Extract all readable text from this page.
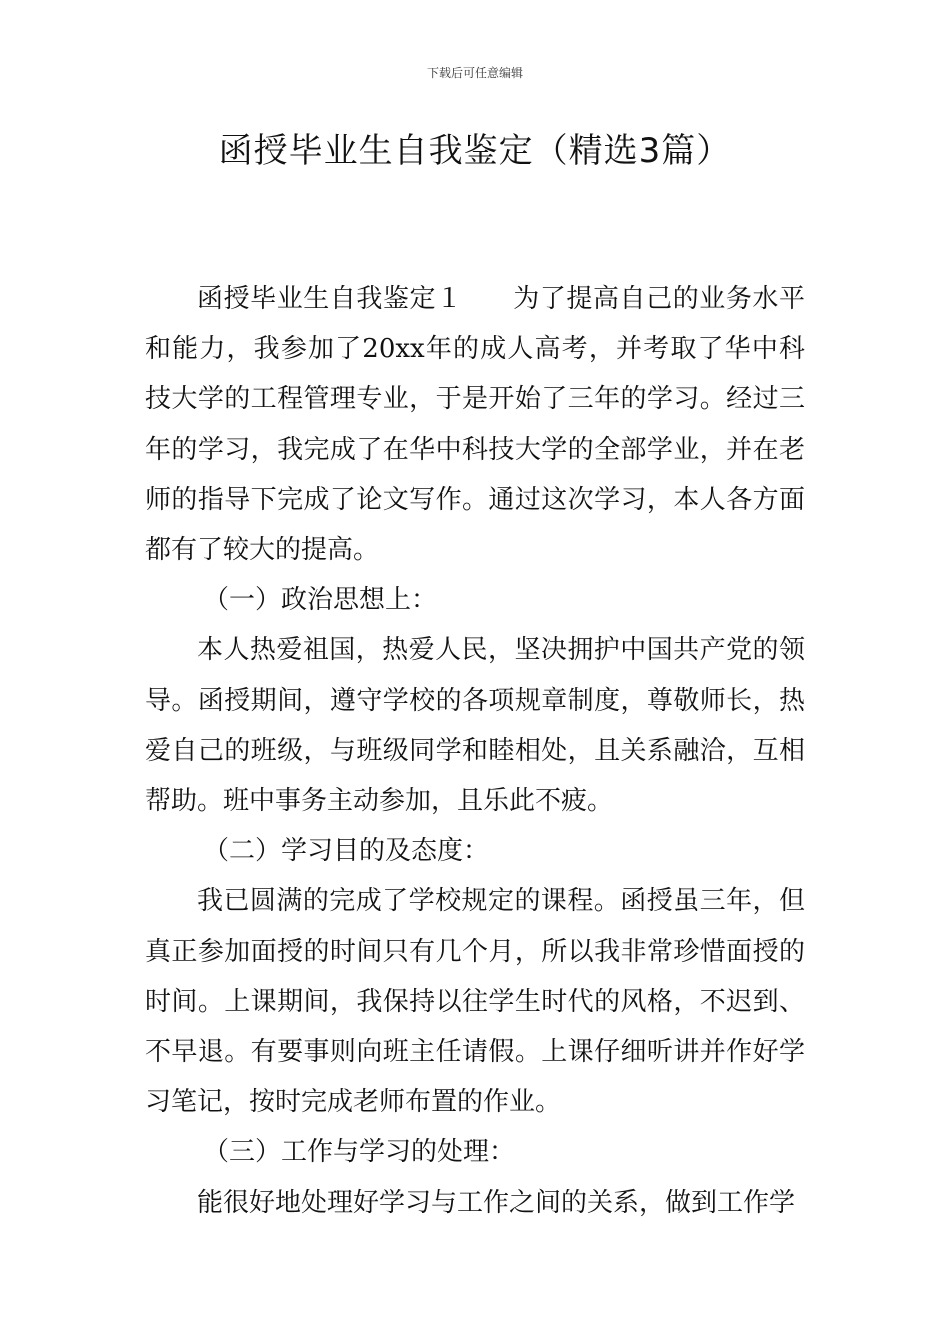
下载后可任意编辑
函授毕业生自我鉴定（精选3篇）

函授毕业生自我鉴定１ 为了提高自己的业务水平和能力，我参加了20xx年的成人高考，并考取了华中科技大学的工程管理专业，于是开始了三年的学习。经过三年的学习，我完成了在华中科技大学的全部学业，并在老师的指导下完成了论文写作。通过这次学习，本人各方面都有了较大的提高。

（一）政治思想上：

本人热爱祖国，热爱人民，坚决拥护中国共产党的领导。函授期间，遵守学校的各项规章制度，尊敬师长，热爱自己的班级，与班级同学和睦相处，且关系融洽，互相帮助。班中事务主动参加，且乐此不疲。

（二）学习目的及态度：

我已圆满的完成了学校规定的课程。函授虽三年，但真正参加面授的时间只有几个月，所以我非常珍惜面授的时间。上课期间，我保持以往学生时代的风格，不迟到、不早退。有要事则向班主任请假。上课仔细听讲并作好学习笔记，按时完成老师布置的作业。

（三）工作与学习的处理：

能很好地处理好学习与工作之间的关系，做到工作学
